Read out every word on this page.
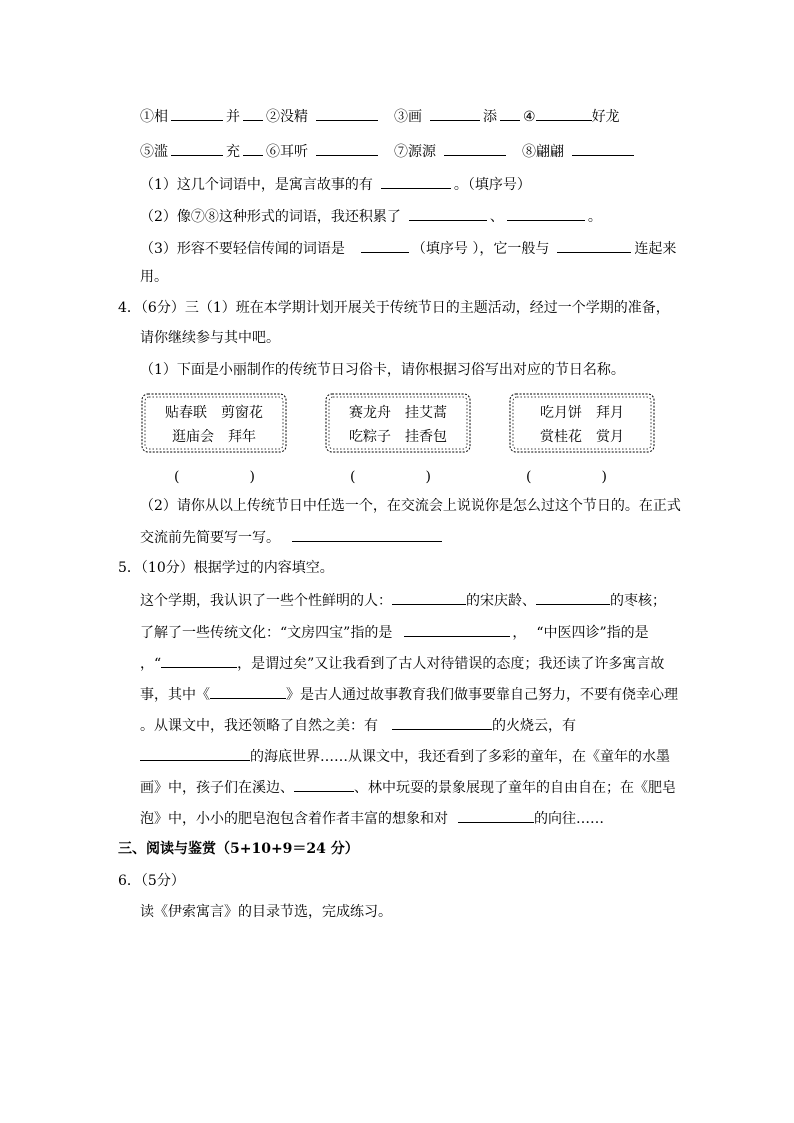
①相	并 ②没精	③画	添 ④	好龙
⑤滥	充 ⑥耳听	⑦源源	⑧翩翩
（1）这几个词语中，是寓言故事的有	。（填序号）
（2）像⑦⑧这种形式的词语，我还积累了	、	。
（3）形容不要轻信传闻的词语是	（填序号 ），它一般与	连起来
用。
4．（6分）三（1）班在本学期计划开展关于传统节日的主题活动，经过一个学期的准备，
请你继续参与其中吧。
（1）下面是小丽制作的传统节日习俗卡，请你根据习俗写出对应的节日名称。
贴春联　剪窗花
逛庙会　拜年
赛龙舟　挂艾蒿
吃粽子　挂香包
吃月饼　拜月
赏桂花　赏月
(　　　　　)	(　　　　　)	(　　　　　)
（2）请你从以上传统节日中任选一个，在交流会上说说你是怎么过这个节日的。在正式
交流前先简要写一写。
5．（10分）根据学过的内容填空。
这个学期，我认识了一些个性鲜明的人：	的宋庆龄、	的枣核；
了解了一些传统文化：“文房四宝”指的是	， “中医四诊”指的是
，“	，是谓过矣”又让我看到了古人对待错误的态度；我还读了许多寓言故
事，其中《	》是古人通过故事教育我们做事要靠自己努力，不要有侥幸心理
。从课文中，我还领略了自然之美：有	的火烧云，有
的海底世界……从课文中，我还看到了多彩的童年，在《童年的水墨
画》中，孩子们在溪边、	、林中玩耍的景象展现了童年的自由自在；在《肥皂
泡》中，小小的肥皂泡包含着作者丰富的想象和对	的向往……
三、阅读与鉴赏（5+10+9＝24 分）
6．（5分）
读《伊索寓言》的目录节选，完成练习。
